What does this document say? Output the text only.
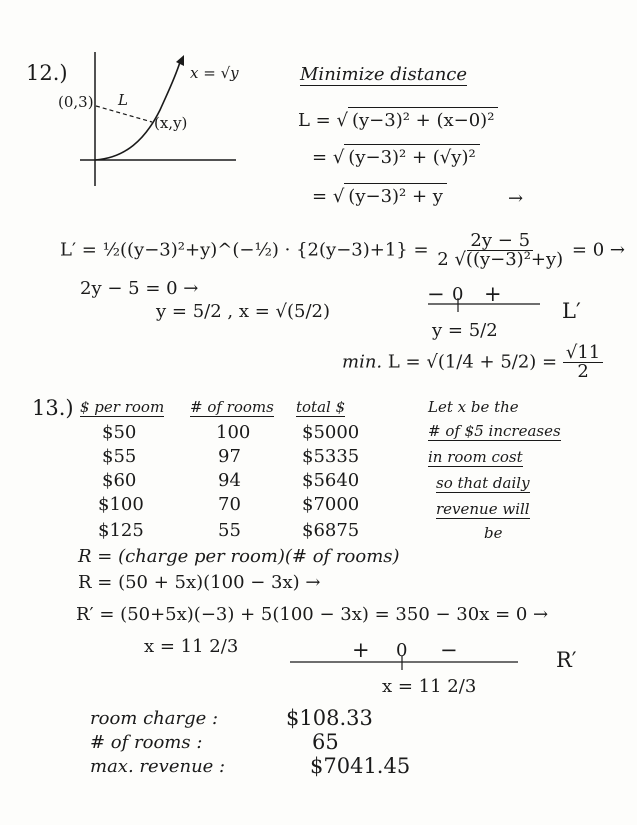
12.)	x = √y
(0,3) L
(x,y)
Minimize distance
L = √ (y−3)² + (x−0)²
= √ (y−3)² + (√y)²
= √ (y−3)² + y	→
L′ = ½((y−3)²+y)^(−½) · $\{2(y-3)+1\} = \frac{2y - 5}{\text{2 √((y−3)²+y)}} = 0$ →
2y − 5 = 0 →
y = 5/2 , x = √(5/2)
− 0 +
L′
y = 5/2
min. $L = √(1/4 + 5/2) = \frac{√11}{2}$
13.) $ per room # of rooms total $
$50	100	$5000
$55	97	$5335
$60	94	$5640
$100	70	$7000
$125	55	$6875
Let x be the
# of $5 increases
in room cost
so that daily
revenue will
be
R = (charge per room)(# of rooms)
R = (50 + 5x)(100 − 3x) →
R′ = (50+5x)(−3) + 5(100 − 3x) = 350 − 30x = 0 →
x = 11 2/3	+ 0 −	R′
x = 11 2/3
room charge :	$108.33
# of rooms :	65
max. revenue :	$7041.45
